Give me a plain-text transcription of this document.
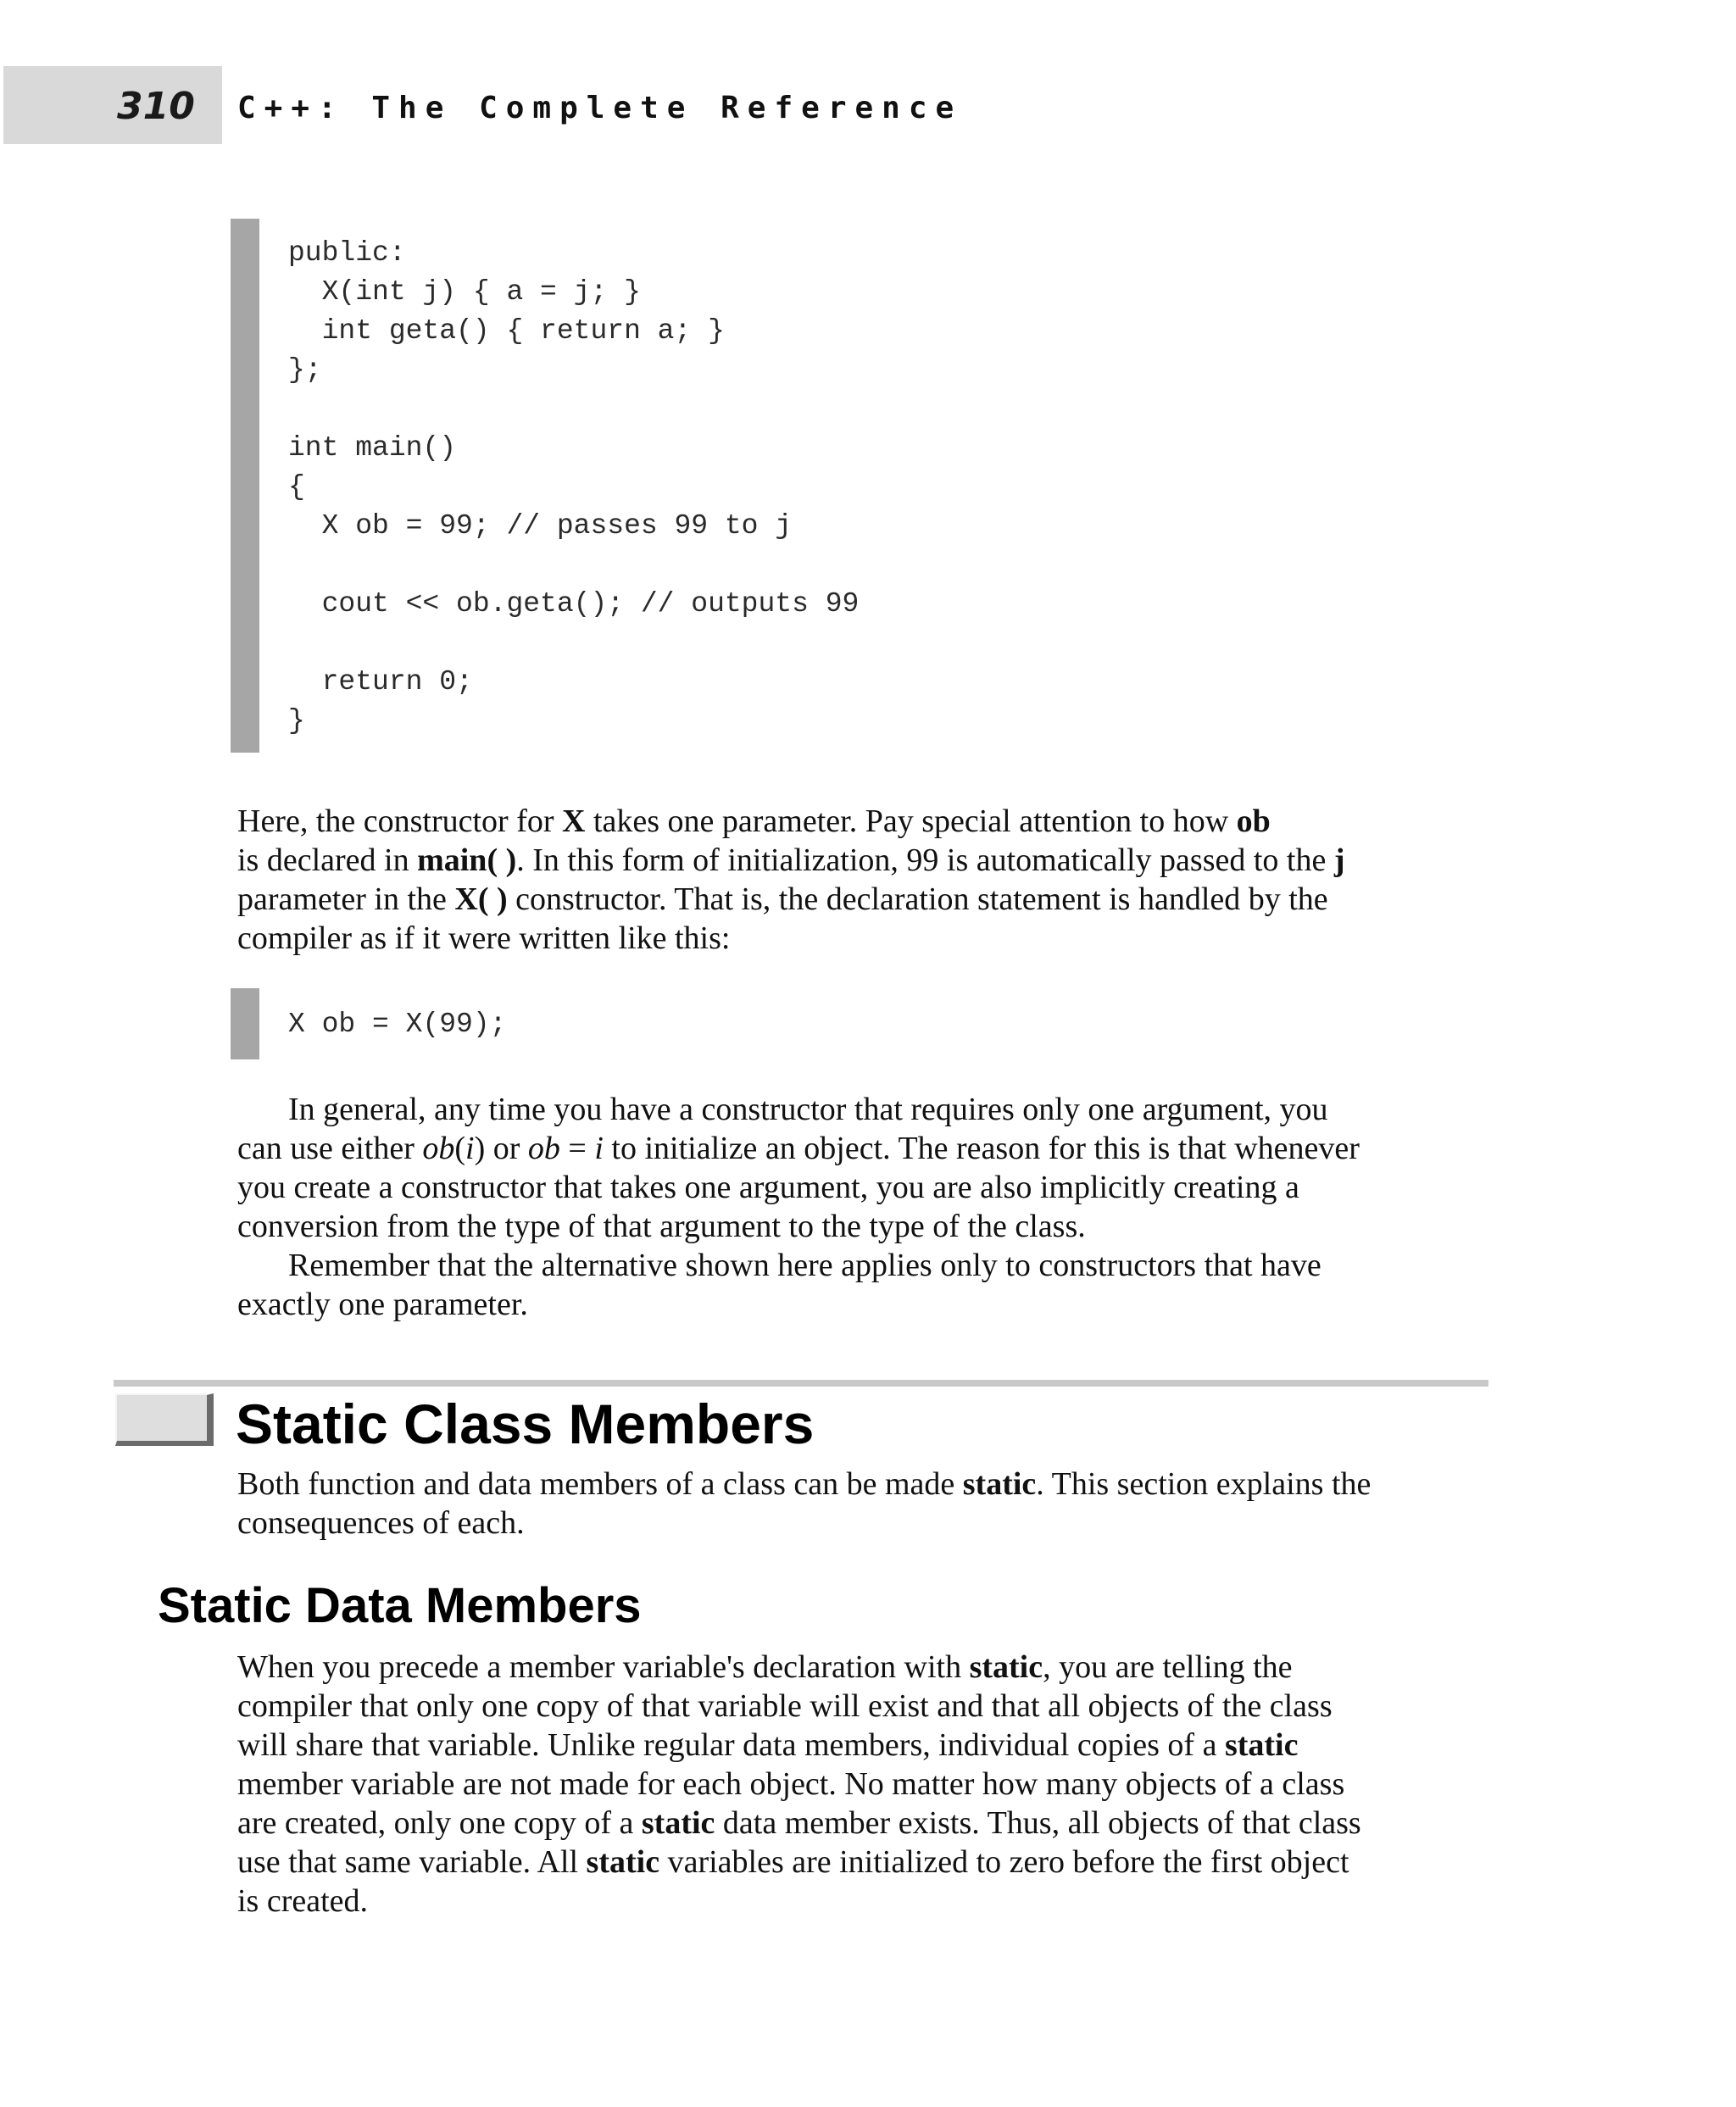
310 C++: The Complete Reference
public:
X(int j) { a = j; }
int geta() { return a; }
};

int main()
{
X ob = 99; // passes 99 to j

cout << ob.geta(); // outputs 99

return 0;
}

Here, the constructor for X takes one parameter. Pay special attention to how ob
is declared in main( ). In this form of initialization, 99 is automatically passed to the j
parameter in the X( ) constructor. That is, the declaration statement is handled by the
compiler as if it were written like this:

X ob = X(99);

In general, any time you have a constructor that requires only one argument, you
can use either ob(i) or ob = i to initialize an object. The reason for this is that whenever
you create a constructor that takes one argument, you are also implicitly creating a
conversion from the type of that argument to the type of the class.
Remember that the alternative shown here applies only to constructors that have
exactly one parameter.

Static Class Members

Both function and data members of a class can be made static. This section explains the
consequences of each.

Static Data Members

When you precede a member variable's declaration with static, you are telling the
compiler that only one copy of that variable will exist and that all objects of the class
will share that variable. Unlike regular data members, individual copies of a static
member variable are not made for each object. No matter how many objects of a class
are created, only one copy of a static data member exists. Thus, all objects of that class
use that same variable. All static variables are initialized to zero before the first object
is created.
